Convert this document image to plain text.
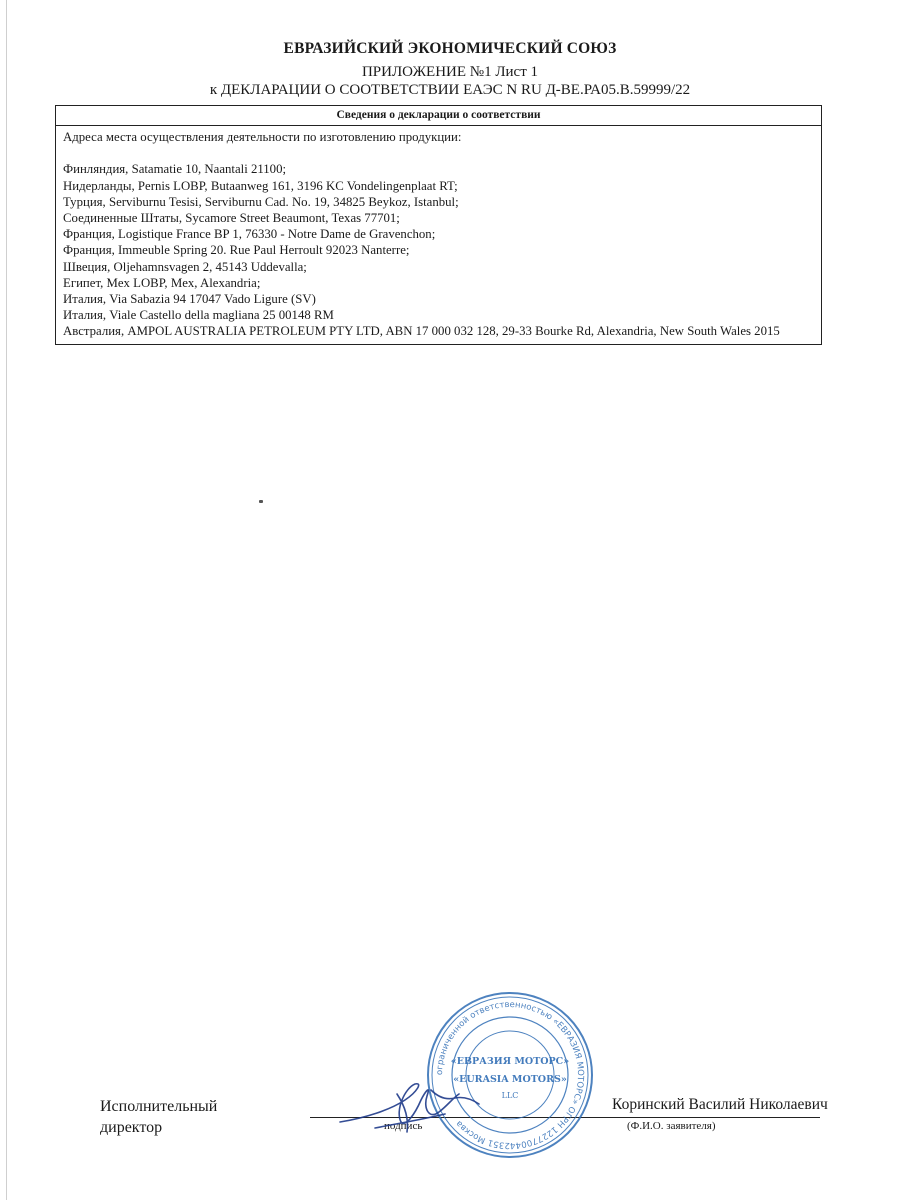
ЕВРАЗИЙСКИЙ ЭКОНОМИЧЕСКИЙ СОЮЗ
ПРИЛОЖЕНИЕ №1 Лист 1
к ДЕКЛАРАЦИИ О СООТВЕТСТВИИ ЕАЭС N RU Д-ВЕ.РА05.В.59999/22
Сведения о декларации о соответствии
Адреса места осуществления деятельности по изготовлению продукции:
Финляндия, Satamatie 10, Naantali 21100;
Нидерланды, Pernis LOBP, Butaanweg 161, 3196 KC Vondelingenplaat RT;
Турция, Serviburnu Tesisi, Serviburnu Cad. No. 19, 34825 Beykoz, Istanbul;
Соединенные Штаты, Sycamore Street Beaumont, Texas 77701;
Франция, Logistique France BP 1, 76330 - Notre Dame de Gravenchon;
Франция, Immeuble Spring 20. Rue Paul Herroult 92023 Nanterre;
Швеция, Oljehamnsvagen 2, 45143 Uddevalla;
Египет, Mex LOBP, Mex, Alexandria;
Италия, Via Sabazia 94 17047 Vado Ligure (SV)
Италия, Viale Castello della magliana 25 00148 RM
Австралия, AMPOL AUSTRALIA PETROLEUM PTY LTD, ABN 17 000 032 128, 29-33 Bourke Rd, Alexandria, New South Wales 2015
Исполнительный
директор	подпись
Коринский Василий Николаевич
(Ф.И.О. заявителя)
ограниченной ответственностью «ЕВРАЗИЯ МОТОРС» ОГРН 1227700442351 Москва
«ЕВРАЗИЯ МОТОРС»
«EURASIA MOTORS»
LLC
